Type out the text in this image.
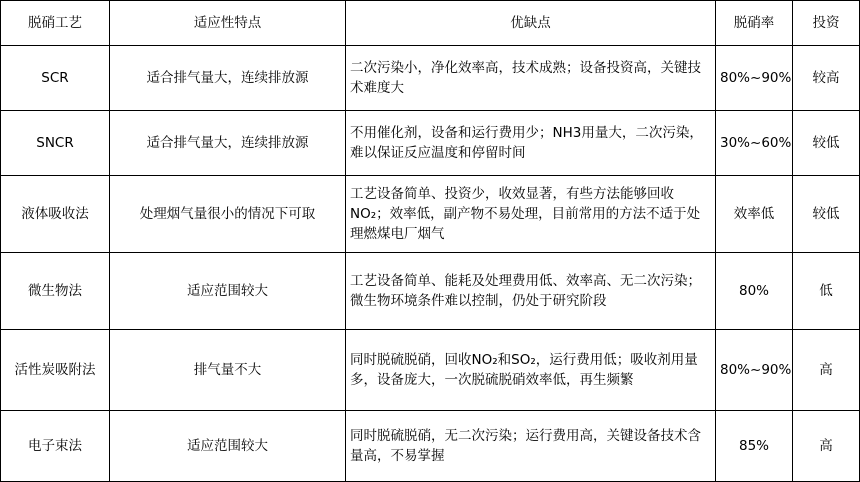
脱硝工艺	适应性特点	优缺点	脱硝率	投资
SCR	适合排气量大，连续排放源	二次污染小，净化效率高，技术成熟；设备投资高，关键技术难度大	80%~90%	较高
SNCR	适合排气量大，连续排放源	不用催化剂，设备和运行费用少；NH3用量大，二次污染，难以保证反应温度和停留时间	30%~60%	较低
液体吸收法	处理烟气量很小的情况下可取	工艺设备简单、投资少，收效显著，有些方法能够回收NO₂；效率低，副产物不易处理，目前常用的方法不适于处理燃煤电厂烟气	效率低	较低
微生物法	适应范围较大	工艺设备简单、能耗及处理费用低、效率高、无二次污染；微生物环境条件难以控制，仍处于研究阶段	80%	低
活性炭吸附法	排气量不大	同时脱硫脱硝，回收NO₂和SO₂，运行费用低；吸收剂用量多，设备庞大，一次脱硫脱硝效率低，再生频繁	80%~90%	高
电子束法	适应范围较大	同时脱硫脱硝，无二次污染；运行费用高，关键设备技术含量高，不易掌握	85%	高
